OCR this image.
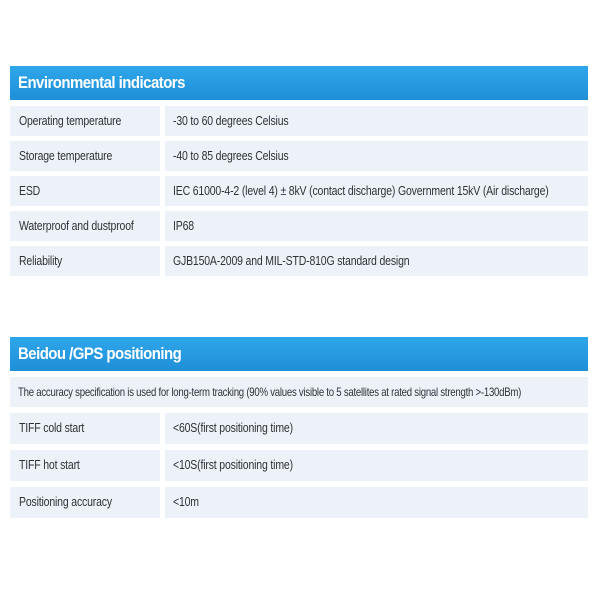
Environmental indicators
Operating temperature	-30 to 60 degrees Celsius
Storage temperature	-40 to 85 degrees Celsius
ESD	IEC 61000-4-2 (level 4) ± 8kV (contact discharge) Government 15kV (Air discharge)
Waterproof and dustproof	IP68
Reliability	GJB150A-2009 and MIL-STD-810G standard design
Beidou /GPS positioning
The accuracy specification is used for long-term tracking (90% values visible to 5 satellites at rated signal strength >-130dBm)
TIFF cold start	<60S(first positioning time)
TIFF hot start	<10S(first positioning time)
Positioning accuracy	<10m
